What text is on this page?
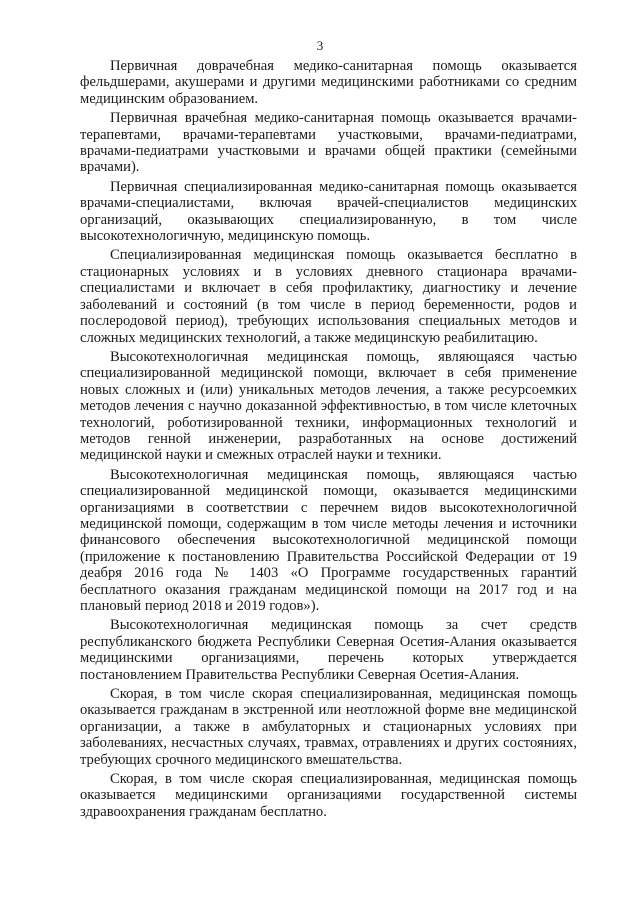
3

Первичная доврачебная медико-санитарная помощь оказывается фельдшерами, акушерами и другими медицинскими работниками со средним медицинским образованием.

Первичная врачебная медико-санитарная помощь оказывается врачами-терапевтами, врачами-терапевтами участковыми, врачами-педиатрами, врачами-педиатрами участковыми и врачами общей практики (семейными врачами).

Первичная специализированная медико-санитарная помощь оказывается врачами-специалистами, включая врачей-специалистов медицинских организаций, оказывающих специализированную, в том числе высокотехнологичную, медицинскую помощь.

Специализированная медицинская помощь оказывается бесплатно в стационарных условиях и в условиях дневного стационара врачами-специалистами и включает в себя профилактику, диагностику и лечение заболеваний и состояний (в том числе в период беременности, родов и послеродовой период), требующих использования специальных методов и сложных медицинских технологий, а также медицинскую реабилитацию.

Высокотехнологичная медицинская помощь, являющаяся частью специализированной медицинской помощи, включает в себя применение новых сложных и (или) уникальных методов лечения, а также ресурсоемких методов лечения с научно доказанной эффективностью, в том числе клеточных технологий, роботизированной техники, информационных технологий и методов генной инженерии, разработанных на основе достижений медицинской науки и смежных отраслей науки и техники.

Высокотехнологичная медицинская помощь, являющаяся частью специализированной медицинской помощи, оказывается медицинскими организациями в соответствии с перечнем видов высокотехнологичной медицинской помощи, содержащим в том числе методы лечения и источники финансового обеспечения высокотехнологичной медицинской помощи (приложение к постановлению Правительства Российской Федерации от 19 деабря 2016 года № 1403 «О Программе государственных гарантий бесплатного оказания гражданам медицинской помощи на 2017 год и на плановый период 2018 и 2019 годов»).

Высокотехнологичная медицинская помощь за счет средств республиканского бюджета Республики Северная Осетия-Алания оказывается медицинскими организациями, перечень которых утверждается постановлением Правительства Республики Северная Осетия-Алания.

Скорая, в том числе скорая специализированная, медицинская помощь оказывается гражданам в экстренной или неотложной форме вне медицинской организации, а также в амбулаторных и стационарных условиях при заболеваниях, несчастных случаях, травмах, отравлениях и других состояниях, требующих срочного медицинского вмешательства.

Скорая, в том числе скорая специализированная, медицинская помощь оказывается медицинскими организациями государственной системы здравоохранения гражданам бесплатно.
